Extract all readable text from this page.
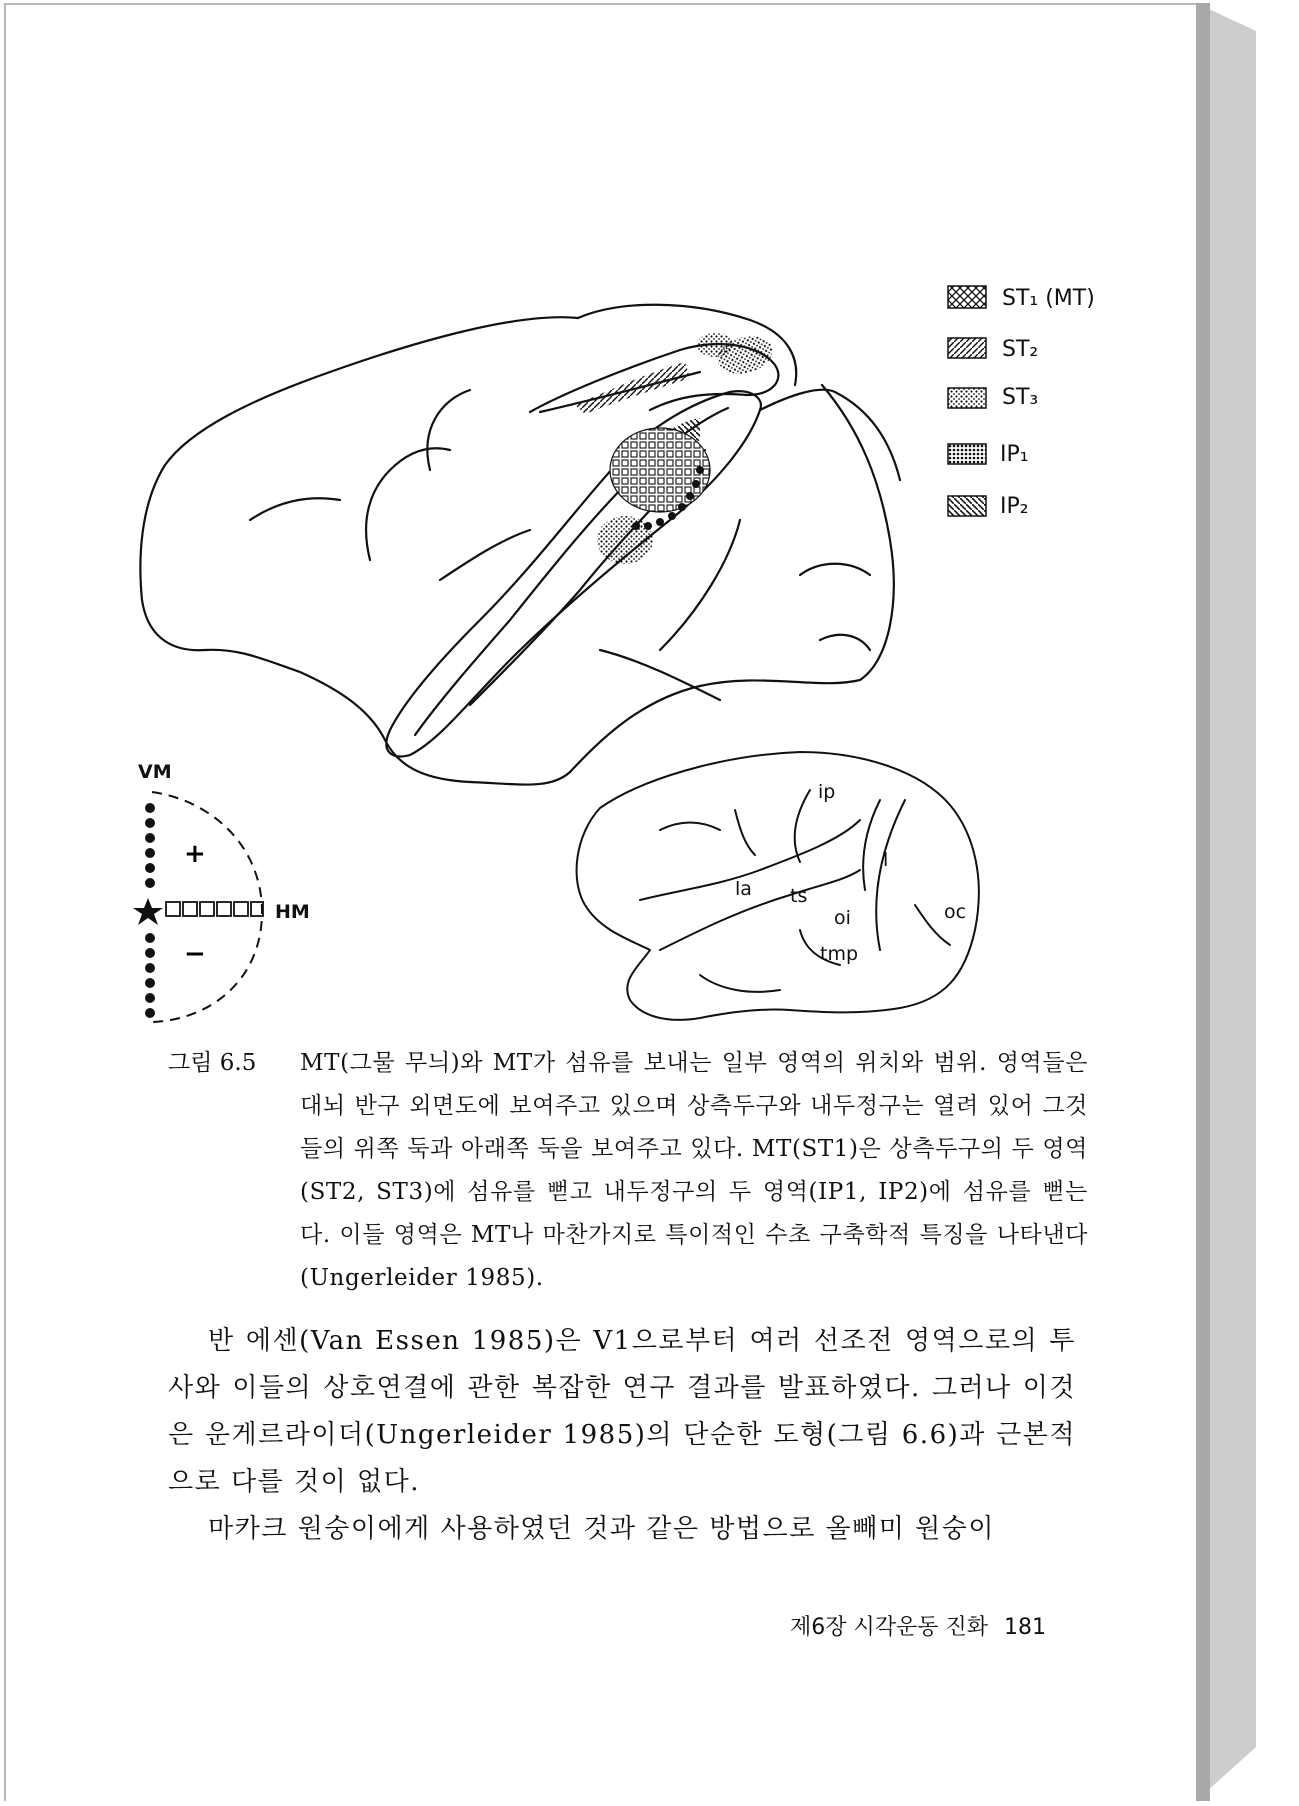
ST₁ (MT)
ST₂
ST₃
IP₁
IP₂
VM
HM
+
−
ip
la ts
l
oi	oc
tmp
그림 6.5	MT(그물 무늬)와 MT가 섬유를 보내는 일부 영역의 위치와 범위. 영역들은 대뇌 반구 외면도에 보여주고 있으며 상측두구와 내두정구는 열려 있어 그것들의 위쪽 둑과 아래쪽 둑을 보여주고 있다. MT(ST1)은 상측두구의 두 영역(ST2, ST3)에 섬유를 뻗고 내두정구의 두 영역(IP1, IP2)에 섬유를 뻗는다. 이들 영역은 MT나 마찬가지로 특이적인 수초 구축학적 특징을 나타낸다(Ungerleider 1985).

반 에센(Van Essen 1985)은 V1으로부터 여러 선조전 영역으로의 투사와 이들의 상호연결에 관한 복잡한 연구 결과를 발표하였다. 그러나 이것은 운게르라이더(Ungerleider 1985)의 단순한 도형(그림 6.6)과 근본적으로 다를 것이 없다.

마카크 원숭이에게 사용하였던 것과 같은 방법으로 올빼미 원숭이

제6장 시각운동 진화 181
